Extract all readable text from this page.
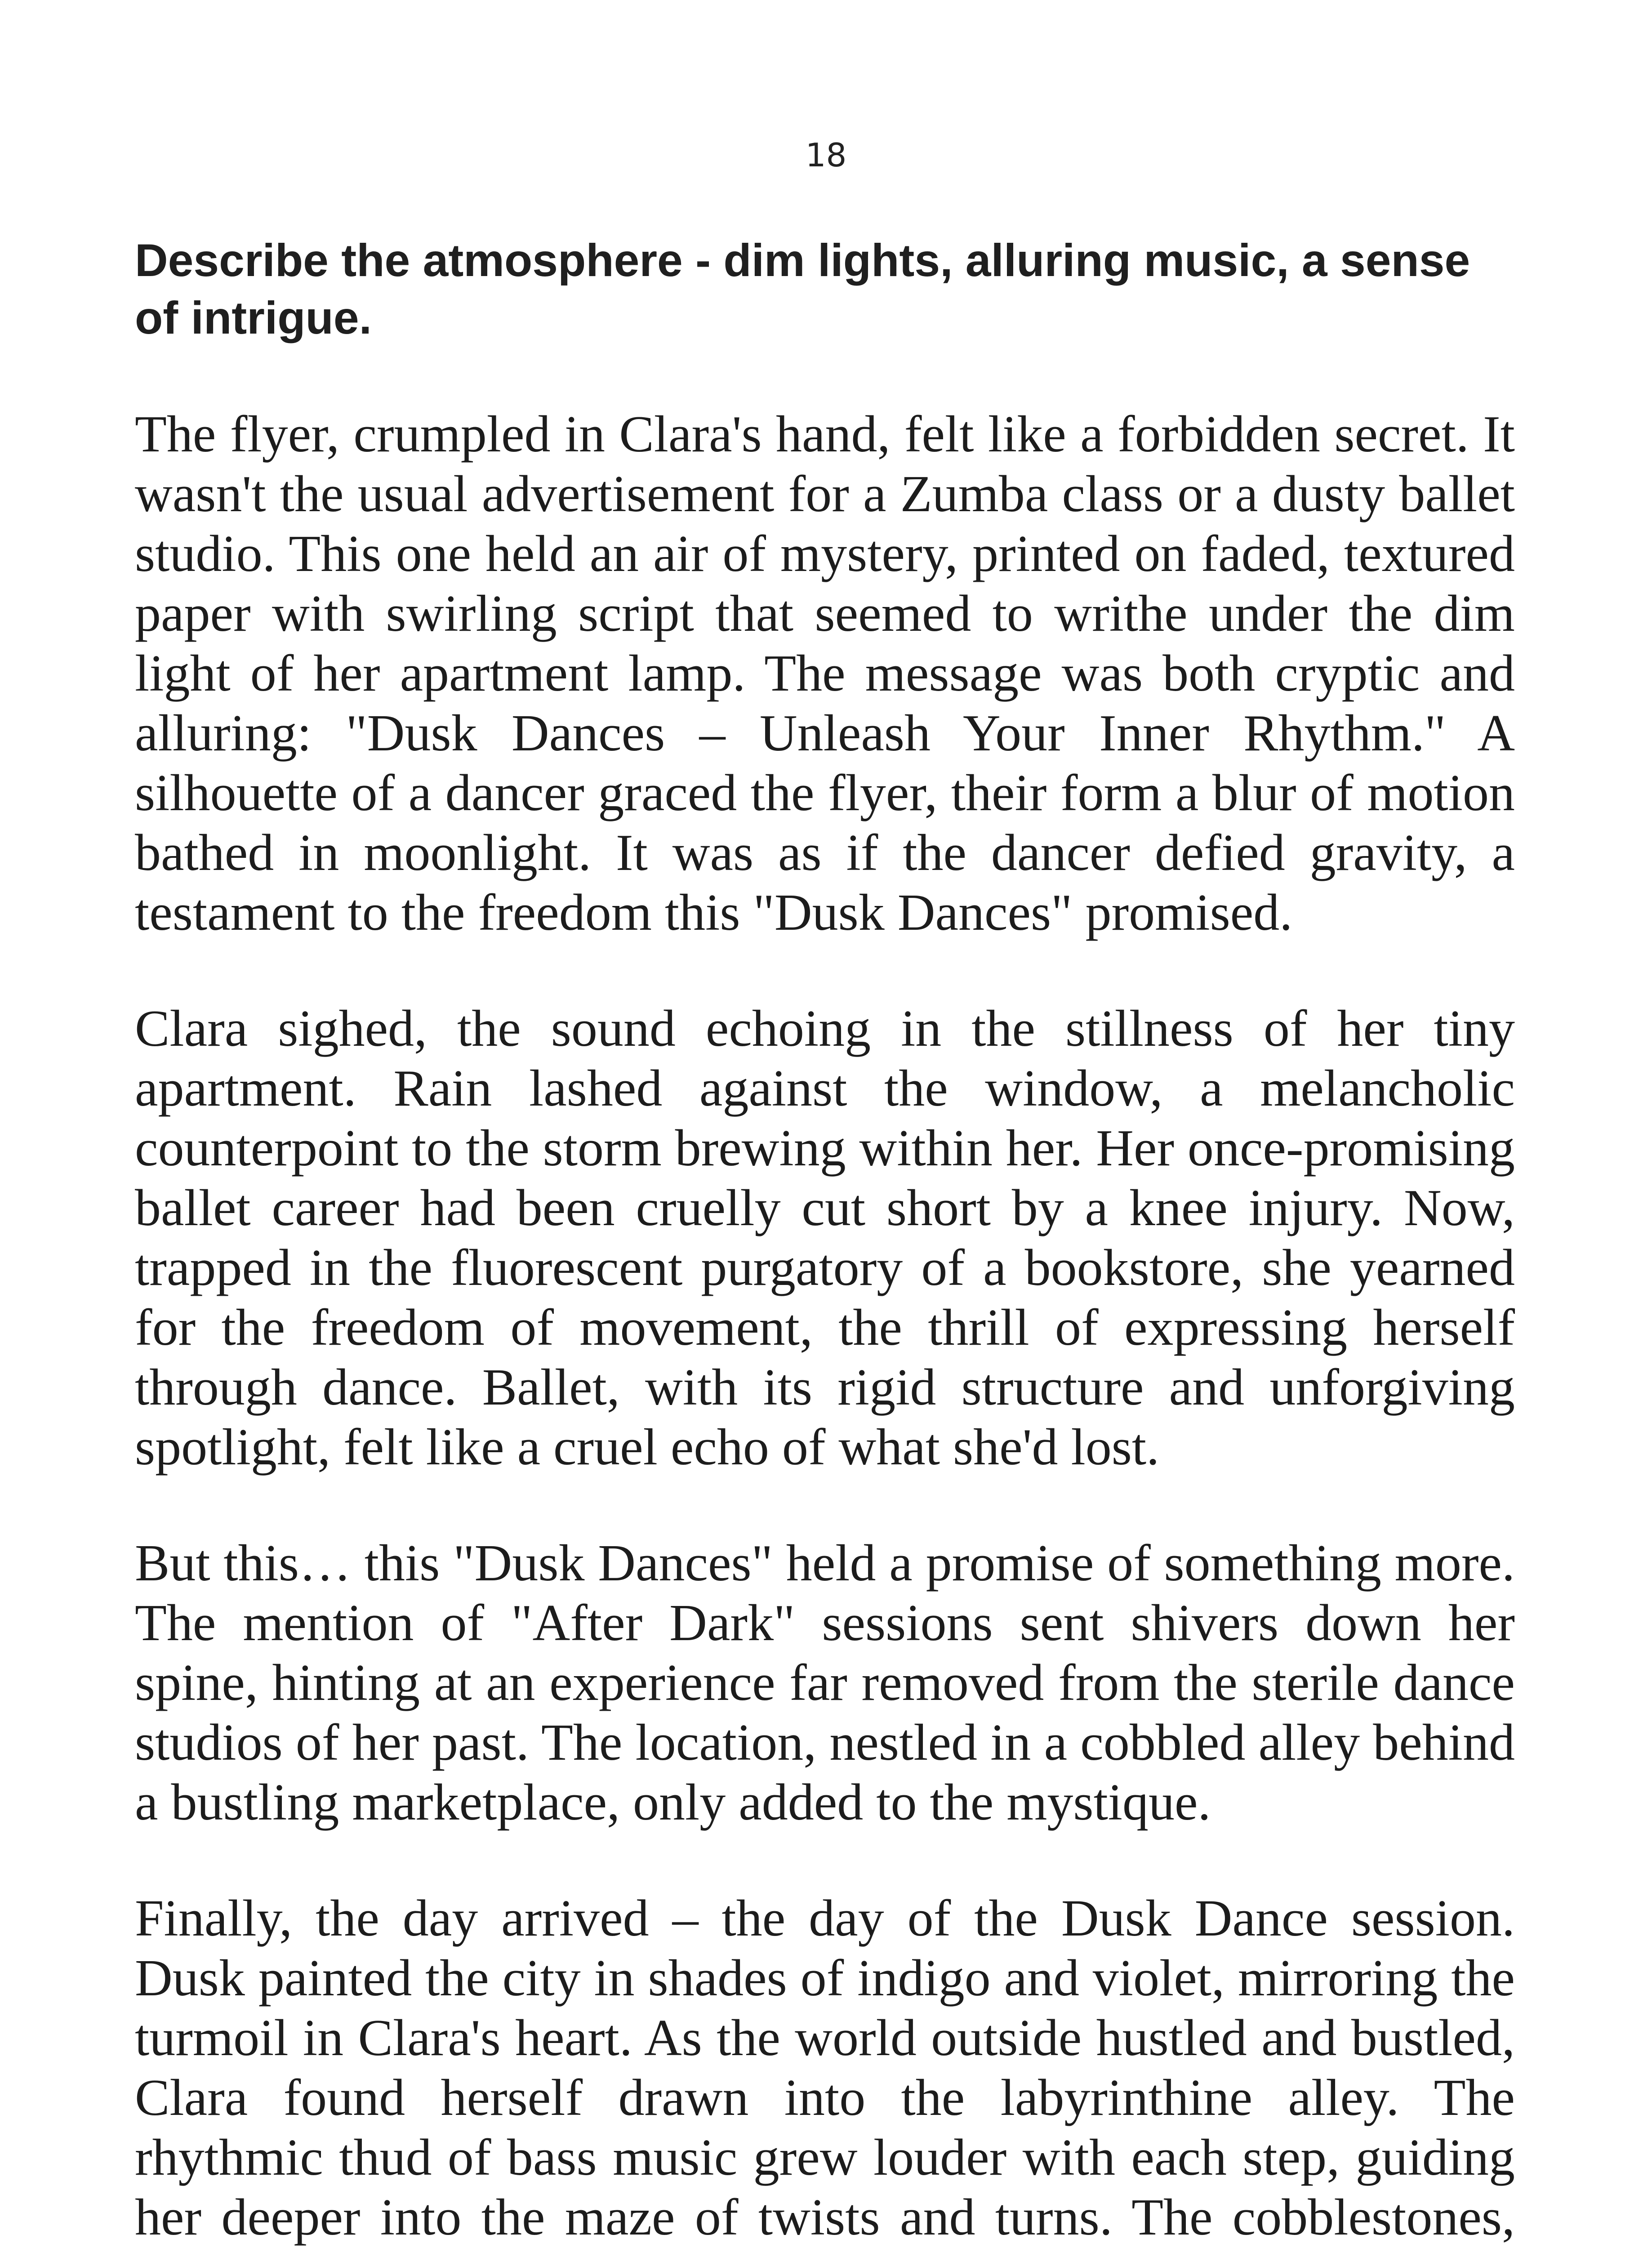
18
Describe the atmosphere - dim lights, alluring music, a sense of intrigue.

The flyer, crumpled in Clara's hand, felt like a forbidden secret. It wasn't the usual advertisement for a Zumba class or a dusty ballet studio. This one held an air of mystery, printed on faded, textured paper with swirling script that seemed to writhe under the dim light of her apartment lamp. The message was both cryptic and alluring: "Dusk Dances – Unleash Your Inner Rhythm." A silhouette of a dancer graced the flyer, their form a blur of motion bathed in moonlight. It was as if the dancer defied gravity, a testament to the freedom this "Dusk Dances" promised.

Clara sighed, the sound echoing in the stillness of her tiny apartment. Rain lashed against the window, a melancholic counterpoint to the storm brewing within her. Her once-promising ballet career had been cruelly cut short by a knee injury. Now, trapped in the fluorescent purgatory of a bookstore, she yearned for the freedom of movement, the thrill of expressing herself through dance. Ballet, with its rigid structure and unforgiving spotlight, felt like a cruel echo of what she'd lost.

But this… this "Dusk Dances" held a promise of something more. The mention of "After Dark" sessions sent shivers down her spine, hinting at an experience far removed from the sterile dance studios of her past. The location, nestled in a cobbled alley behind a bustling marketplace, only added to the mystique.

Finally, the day arrived – the day of the Dusk Dance session. Dusk painted the city in shades of indigo and violet, mirroring the turmoil in Clara's heart. As the world outside hustled and bustled, Clara found herself drawn into the labyrinthine alley. The rhythmic thud of bass music grew louder with each step, guiding her deeper into the maze of twists and turns. The cobblestones,
